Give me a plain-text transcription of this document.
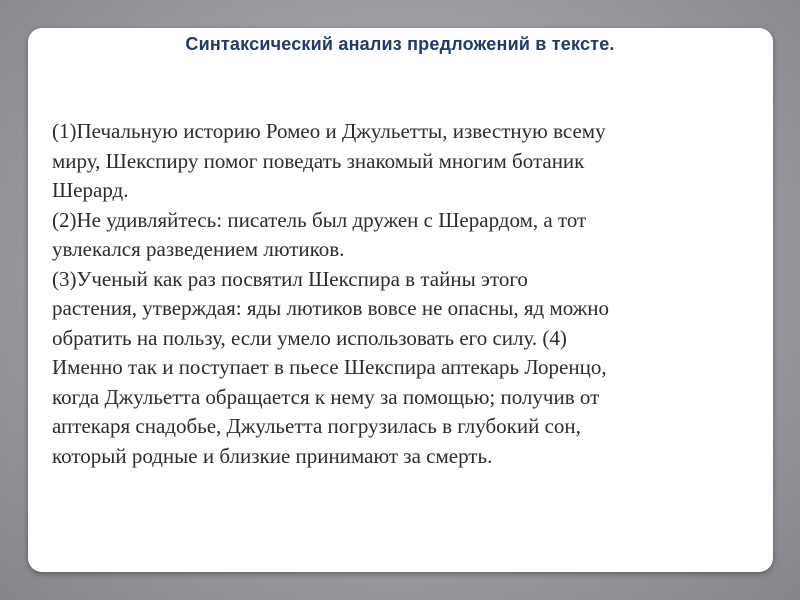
Синтаксический анализ предложений в тексте.

(1)Печальную историю Ромео и Джульетты, известную всему

миру, Шекспиру помог поведать знакомый многим ботаник

Шерард.

(2)Не удивляйтесь: писатель был дружен с Шерардом, а тот

увлекался разведением лютиков.

(3)Ученый как раз посвятил Шекспира в тайны этого

растения, утверждая: яды лютиков вовсе не опасны, яд можно

обратить на пользу, если умело использовать его силу. (4)

Именно так и поступает в пьесе Шекспира аптекарь Лоренцо,

когда Джульетта обращается к нему за помощью; получив от

аптекаря снадобье, Джульетта погрузилась в глубокий сон,

который родные и близкие принимают за смерть.
